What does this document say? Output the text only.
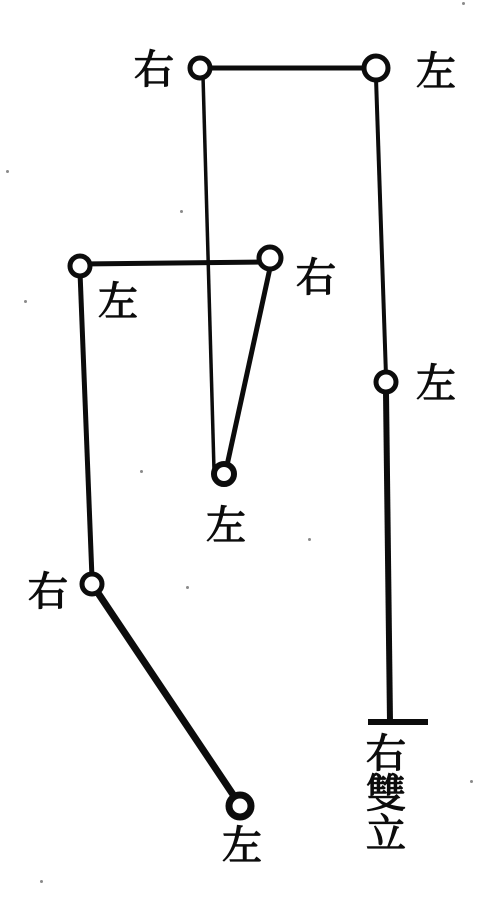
右	左
右
左
左
左
右
左
右
雙
立
